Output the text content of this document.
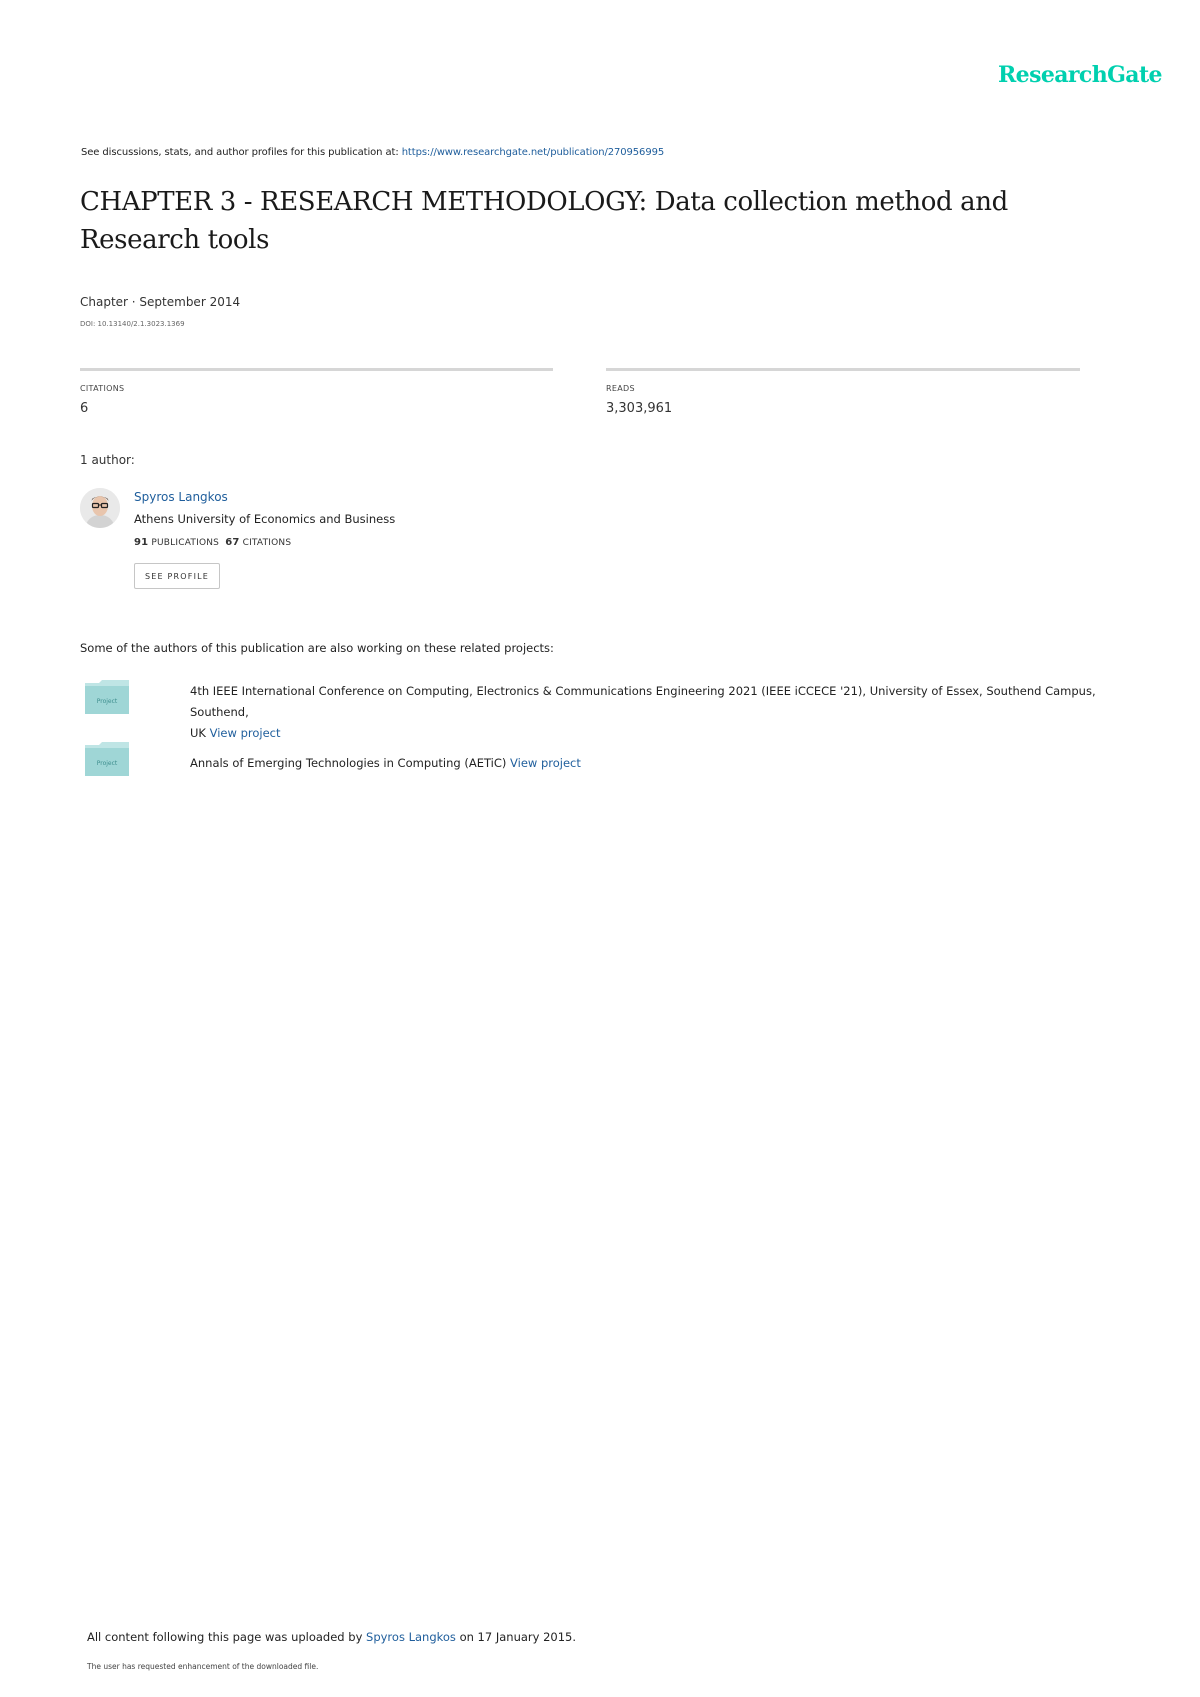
ResearchGate
See discussions, stats, and author profiles for this publication at: https://www.researchgate.net/publication/270956995
CHAPTER 3 - RESEARCH METHODOLOGY: Data collection method and
Research tools
Chapter · September 2014
DOI: 10.13140/2.1.3023.1369
CITATIONS
6
READS
3,303,961
1 author:
Spyros Langkos
Athens University of Economics and Business
91 PUBLICATIONS 67 CITATIONS
SEE PROFILE
Some of the authors of this publication are also working on these related projects:
Project
4th IEEE International Conference on Computing, Electronics & Communications Engineering 2021 (IEEE iCCECE '21), University of Essex, Southend Campus, Southend,
UK View project
Project	Annals of Emerging Technologies in Computing (AETiC) View project
All content following this page was uploaded by Spyros Langkos on 17 January 2015.
The user has requested enhancement of the downloaded file.
